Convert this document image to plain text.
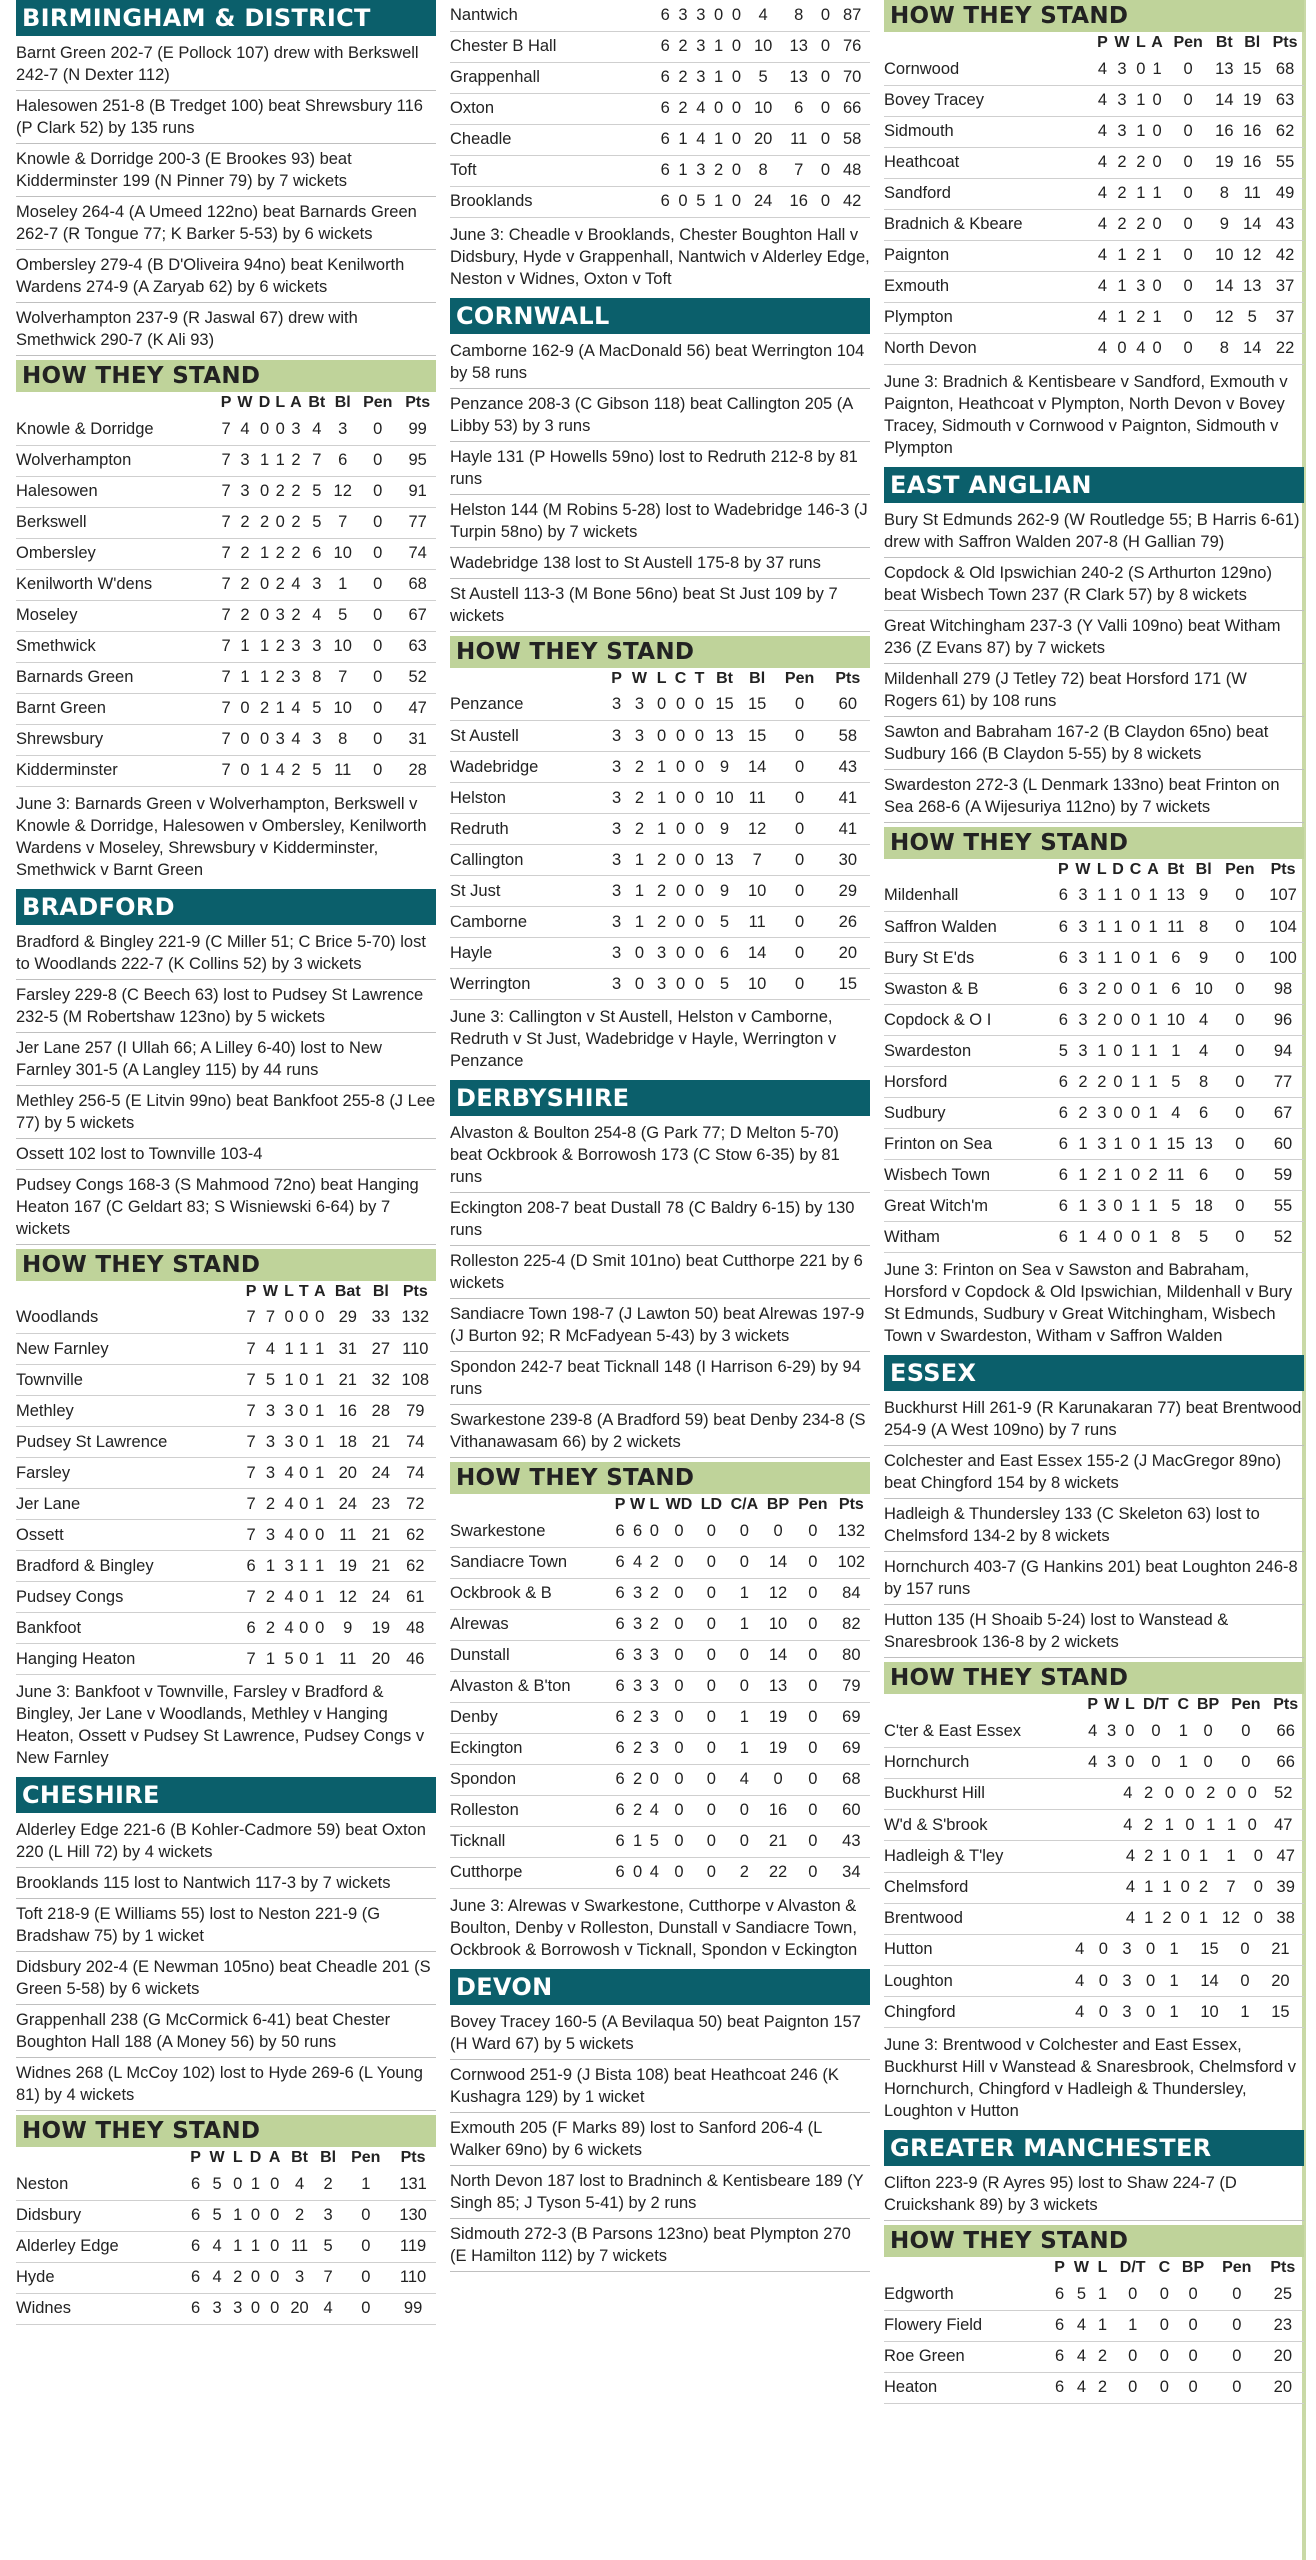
BIRMINGHAM & DISTRICT
Barnt Green 202-7 (E Pollock 107) drew with Berkswell 242-7 (N Dexter 112)
Halesowen 251-8 (B Tredget 100) beat Shrewsbury 116 (P Clark 52) by 135 runs
Knowle & Dorridge 200-3 (E Brookes 93) beat Kidderminster 199 (N Pinner 79) by 7 wickets
Moseley 264-4 (A Umeed 122no) beat Barnards Green 262-7 (R Tongue 77; K Barker 5-53) by 6 wickets
Ombersley 279-4 (B D'Oliveira 94no) beat Kenilworth Wardens 274-9 (A Zaryab 62) by 6 wickets
Wolverhampton 237-9 (R Jaswal 67) drew with Smethwick 290-7 (K Ali 93)
HOW THEY STAND
	P	W	D	L	A	Bt	Bl	Pen	Pts
Knowle & Dorridge	7	4	0	0	3	4	3	0	99
Wolverhampton	7	3	1	1	2	7	6	0	95
Halesowen	7	3	0	2	2	5	12	0	91
Berkswell	7	2	2	0	2	5	7	0	77
Ombersley	7	2	1	2	2	6	10	0	74
Kenilworth W'dens	7	2	0	2	4	3	1	0	68
Moseley	7	2	0	3	2	4	5	0	67
Smethwick	7	1	1	2	3	3	10	0	63
Barnards Green	7	1	1	2	3	8	7	0	52
Barnt Green	7	0	2	1	4	5	10	0	47
Shrewsbury	7	0	0	3	4	3	8	0	31
Kidderminster	7	0	1	4	2	5	11	0	28
June 3: Barnards Green v Wolverhampton, Berkswell v Knowle & Dorridge, Halesowen v Ombersley, Kenilworth Wardens v Moseley, Shrewsbury v Kidderminster, Smethwick v Barnt Green
BRADFORD
Bradford & Bingley 221-9 (C Miller 51; C Brice 5-70) lost to Woodlands 222-7 (K Collins 52) by 3 wickets
Farsley 229-8 (C Beech 63) lost to Pudsey St Lawrence 232-5 (M Robertshaw 123no) by 5 wickets
Jer Lane 257 (I Ullah 66; A Lilley 6-40) lost to New Farnley 301-5 (A Langley 115) by 44 runs
Methley 256-5 (E Litvin 99no) beat Bankfoot 255-8 (J Lee 77) by 5 wickets
Ossett 102 lost to Townville 103-4
Pudsey Congs 168-3 (S Mahmood 72no) beat Hanging Heaton 167 (C Geldart 83; S Wisniewski 6-64) by 7 wickets
HOW THEY STAND
	P	W	L	T	A	Bat	Bl	Pts
Woodlands	7	7	0	0	0	29	33	132
New Farnley	7	4	1	1	1	31	27	110
Townville	7	5	1	0	1	21	32	108
Methley	7	3	3	0	1	16	28	79
Pudsey St Lawrence	7	3	3	0	1	18	21	74
Farsley	7	3	4	0	1	20	24	74
Jer Lane	7	2	4	0	1	24	23	72
Ossett	7	3	4	0	0	11	21	62
Bradford & Bingley	6	1	3	1	1	19	21	62
Pudsey Congs	7	2	4	0	1	12	24	61
Bankfoot	6	2	4	0	0	9	19	48
Hanging Heaton	7	1	5	0	1	11	20	46
June 3: Bankfoot v Townville, Farsley v Bradford & Bingley, Jer Lane v Woodlands, Methley v Hanging Heaton, Ossett v Pudsey St Lawrence, Pudsey Congs v New Farnley
CHESHIRE
Alderley Edge 221-6 (B Kohler-Cadmore 59) beat Oxton 220 (L Hill 72) by 4 wickets
Brooklands 115 lost to Nantwich 117-3 by 7 wickets
Toft 218-9 (E Williams 55) lost to Neston 221-9 (G Bradshaw 75) by 1 wicket
Didsbury 202-4 (E Newman 105no) beat Cheadle 201 (S Green 5-58) by 6 wickets
Grappenhall 238 (G McCormick 6-41) beat Chester Boughton Hall 188 (A Money 56) by 50 runs
Widnes 268 (L McCoy 102) lost to Hyde 269-6 (L Young 81) by 4 wickets
HOW THEY STAND
	P	W	L	D	A	Bt	Bl	Pen	Pts
Neston	6	5	0	1	0	4	2	1	131
Didsbury	6	5	1	0	0	2	3	0	130
Alderley Edge	6	4	1	1	0	11	5	0	119
Hyde	6	4	2	0	0	3	7	0	110
Widnes	6	3	3	0	0	20	4	0	99
Nantwich	6	3	3	0	0	4	8	0	87
Chester B Hall	6	2	3	1	0	10	13	0	76
Grappenhall	6	2	3	1	0	5	13	0	70
Oxton	6	2	4	0	0	10	6	0	66
Cheadle	6	1	4	1	0	20	11	0	58
Toft	6	1	3	2	0	8	7	0	48
Brooklands	6	0	5	1	0	24	16	0	42
June 3: Cheadle v Brooklands, Chester Boughton Hall v Didsbury, Hyde v Grappenhall, Nantwich v Alderley Edge, Neston v Widnes, Oxton v Toft
CORNWALL
Camborne 162-9 (A MacDonald 56) beat Werrington 104 by 58 runs
Penzance 208-3 (C Gibson 118) beat Callington 205 (A Libby 53) by 3 runs
Hayle 131 (P Howells 59no) lost to Redruth 212-8 by 81 runs
Helston 144 (M Robins 5-28) lost to Wadebridge 146-3 (J Turpin 58no) by 7 wickets
Wadebridge 138 lost to St Austell 175-8 by 37 runs
St Austell 113-3 (M Bone 56no) beat St Just 109 by 7 wickets
HOW THEY STAND
	P	W	L	C	T	Bt	Bl	Pen	Pts
Penzance	3	3	0	0	0	15	15	0	60
St Austell	3	3	0	0	0	13	15	0	58
Wadebridge	3	2	1	0	0	9	14	0	43
Helston	3	2	1	0	0	10	11	0	41
Redruth	3	2	1	0	0	9	12	0	41
Callington	3	1	2	0	0	13	7	0	30
St Just	3	1	2	0	0	9	10	0	29
Camborne	3	1	2	0	0	5	11	0	26
Hayle	3	0	3	0	0	6	14	0	20
Werrington	3	0	3	0	0	5	10	0	15
June 3: Callington v St Austell, Helston v Camborne, Redruth v St Just, Wadebridge v Hayle, Werrington v Penzance
DERBYSHIRE
Alvaston & Boulton 254-8 (G Park 77; D Melton 5-70) beat Ockbrook & Borrowosh 173 (C Stow 6-35) by 81 runs
Eckington 208-7 beat Dustall 78 (C Baldry 6-15) by 130 runs
Rolleston 225-4 (D Smit 101no) beat Cutthorpe 221 by 6 wickets
Sandiacre Town 198-7 (J Lawton 50) beat Alrewas 197-9 (J Burton 92; R McFadyean 5-43) by 3 wickets
Spondon 242-7 beat Ticknall 148 (I Harrison 6-29) by 94 runs
Swarkestone 239-8 (A Bradford 59) beat Denby 234-8 (S Vithanawasam 66) by 2 wickets
HOW THEY STAND
	P	W	L	WD	LD	C/A	BP	Pen	Pts
Swarkestone	6	6	0	0	0	0	0	0	132
Sandiacre Town	6	4	2	0	0	0	14	0	102
Ockbrook & B	6	3	2	0	0	1	12	0	84
Alrewas	6	3	2	0	0	1	10	0	82
Dunstall	6	3	3	0	0	0	14	0	80
Alvaston & B'ton	6	3	3	0	0	0	13	0	79
Denby	6	2	3	0	0	1	19	0	69
Eckington	6	2	3	0	0	1	19	0	69
Spondon	6	2	0	0	0	4	0	0	68
Rolleston	6	2	4	0	0	0	16	0	60
Ticknall	6	1	5	0	0	0	21	0	43
Cutthorpe	6	0	4	0	0	2	22	0	34
June 3: Alrewas v Swarkestone, Cutthorpe v Alvaston & Boulton, Denby v Rolleston, Dunstall v Sandiacre Town, Ockbrook & Borrowosh v Ticknall, Spondon v Eckington
DEVON
Bovey Tracey 160-5 (A Bevilaqua 50) beat Paignton 157 (H Ward 67) by 5 wickets
Cornwood 251-9 (J Bista 108) beat Heathcoat 246 (K Kushagra 129) by 1 wicket
Exmouth 205 (F Marks 89) lost to Sanford 206-4 (L Walker 69no) by 6 wickets
North Devon 187 lost to Bradninch & Kentisbeare 189 (Y Singh 85; J Tyson 5-41) by 2 runs
Sidmouth 272-3 (B Parsons 123no) beat Plympton 270 (E Hamilton 112) by 7 wickets
HOW THEY STAND
	P	W	L	A	Pen	Bt	Bl	Pts
Cornwood	4	3	0	1	0	13	15	68
Bovey Tracey	4	3	1	0	0	14	19	63
Sidmouth	4	3	1	0	0	16	16	62
Heathcoat	4	2	2	0	0	19	16	55
Sandford	4	2	1	1	0	8	11	49
Bradnich & Kbeare	4	2	2	0	0	9	14	43
Paignton	4	1	2	1	0	10	12	42
Exmouth	4	1	3	0	0	14	13	37
Plympton	4	1	2	1	0	12	5	37
North Devon	4	0	4	0	0	8	14	22
June 3: Bradnich & Kentisbeare v Sandford, Exmouth v Paignton, Heathcoat v Plympton, North Devon v Bovey Tracey, Sidmouth v Cornwood v Paignton, Sidmouth v Plympton
EAST ANGLIAN
Bury St Edmunds 262-9 (W Routledge 55; B Harris 6-61) drew with Saffron Walden 207-8 (H Gallian 79)
Copdock & Old Ipswichian 240-2 (S Arthurton 129no) beat Wisbech Town 237 (R Clark 57) by 8 wickets
Great Witchingham 237-3 (Y Valli 109no) beat Witham 236 (Z Evans 87) by 7 wickets
Mildenhall 279 (J Tetley 72) beat Horsford 171 (W Rogers 61) by 108 runs
Sawton and Babraham 167-2 (B Claydon 65no) beat Sudbury 166 (B Claydon 5-55) by 8 wickets
Swardeston 272-3 (L Denmark 133no) beat Frinton on Sea 268-6 (A Wijesuriya 112no) by 7 wickets
HOW THEY STAND
	P	W	L	D	C	A	Bt	Bl	Pen	Pts
Mildenhall	6	3	1	1	0	1	13	9	0	107
Saffron Walden	6	3	1	1	0	1	11	8	0	104
Bury St E'ds	6	3	1	1	0	1	6	9	0	100
Swaston & B	6	3	2	0	0	1	6	10	0	98
Copdock & O I	6	3	2	0	0	1	10	4	0	96
Swardeston	5	3	1	0	1	1	1	4	0	94
Horsford	6	2	2	0	1	1	5	8	0	77
Sudbury	6	2	3	0	0	1	4	6	0	67
Frinton on Sea	6	1	3	1	0	1	15	13	0	60
Wisbech Town	6	1	2	1	0	2	11	6	0	59
Great Witch'm	6	1	3	0	1	1	5	18	0	55
Witham	6	1	4	0	0	1	8	5	0	52
June 3: Frinton on Sea v Sawston and Babraham, Horsford v Copdock & Old Ipswichian, Mildenhall v Bury St Edmunds, Sudbury v Great Witchingham, Wisbech Town v Swardeston, Witham v Saffron Walden
ESSEX
Buckhurst Hill 261-9 (R Karunakaran 77) beat Brentwood 254-9 (A West 109no) by 7 runs
Colchester and East Essex 155-2 (J MacGregor 89no) beat Chingford 154 by 8 wickets
Hadleigh & Thundersley 133 (C Skeleton 63) lost to Chelmsford 134-2 by 8 wickets
Hornchurch 403-7 (G Hankins 201) beat Loughton 246-8 by 157 runs
Hutton 135 (H Shoaib 5-24) lost to Wanstead & Snaresbrook 136-8 by 2 wickets
HOW THEY STAND
	P	W	L	D/T	C	BP	Pen	Pts
C'ter & East Essex	4	3	0	0	1	0	0	66
Hornchurch	4	3	0	0	1	0	0	66
Buckhurst Hill	4	2	0	0	2	0	0	52
W'd & S'brook	4	2	1	0	1	1	0	47
Hadleigh & T'ley	4	2	1	0	1	1	0	47
Chelmsford	4	1	1	0	2	7	0	39
Brentwood	4	1	2	0	1	12	0	38
Hutton	4	0	3	0	1	15	0	21
Loughton	4	0	3	0	1	14	0	20
Chingford	4	0	3	0	1	10	1	15
June 3: Brentwood v Colchester and East Essex, Buckhurst Hill v Wanstead & Snaresbrook, Chelmsford v Hornchurch, Chingford v Hadleigh & Thundersley, Loughton v Hutton
GREATER MANCHESTER
Clifton 223-9 (R Ayres 95) lost to Shaw 224-7 (D Cruickshank 89) by 3 wickets
HOW THEY STAND
	P	W	L	D/T	C	BP	Pen	Pts
Edgworth	6	5	1	0	0	0	0	25
Flowery Field	6	4	1	1	0	0	0	23
Roe Green	6	4	2	0	0	0	0	20
Heaton	6	4	2	0	0	0	0	20
